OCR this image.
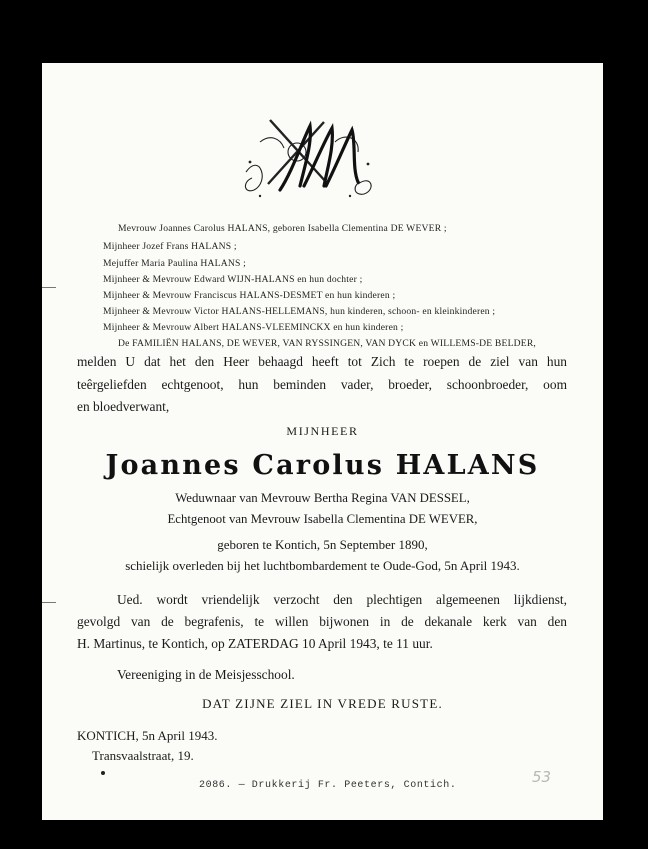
Mevrouw Joannes Carolus HALANS, geboren Isabella Clementina DE WEVER ;
Mijnheer Jozef Frans HALANS ;
Mejuffer Maria Paulina HALANS ;
Mijnheer & Mevrouw Edward WIJN-HALANS en hun dochter ;
Mijnheer & Mevrouw Franciscus HALANS-DESMET en hun kinderen ;
Mijnheer & Mevrouw Victor HALANS-HELLEMANS, hun kinderen, schoon- en kleinkinderen ;
Mijnheer & Mevrouw Albert HALANS-VLEEMINCKX en hun kinderen ;
De FAMILIËN HALANS, DE WEVER, VAN RYSSINGEN, VAN DYCK en WILLEMS-DE BELDER,
melden U dat het den Heer behaagd heeft tot Zich te roepen de ziel van hun
teêrgeliefden echtgenoot, hun beminden vader, broeder, schoonbroeder, oom
en bloedverwant,
MIJNHEER
Joannes Carolus HALANS
Weduwnaar van Mevrouw Bertha Regina VAN DESSEL,
Echtgenoot van Mevrouw Isabella Clementina DE WEVER,
geboren te Kontich, 5n September 1890,
schielijk overleden bij het luchtbombardement te Oude-God, 5n April 1943.
Ued. wordt vriendelijk verzocht den plechtigen algemeenen lijkdienst,
gevolgd van de begrafenis, te willen bijwonen in de dekanale kerk van den
H. Martinus, te Kontich, op ZATERDAG 10 April 1943, te 11 uur.
Vereeniging in de Meisjesschool.
DAT ZIJNE ZIEL IN VREDE RUSTE.
KONTICH, 5n April 1943.
Transvaalstraat, 19.
2086. — Drukkerij Fr. Peeters, Contich.	53
